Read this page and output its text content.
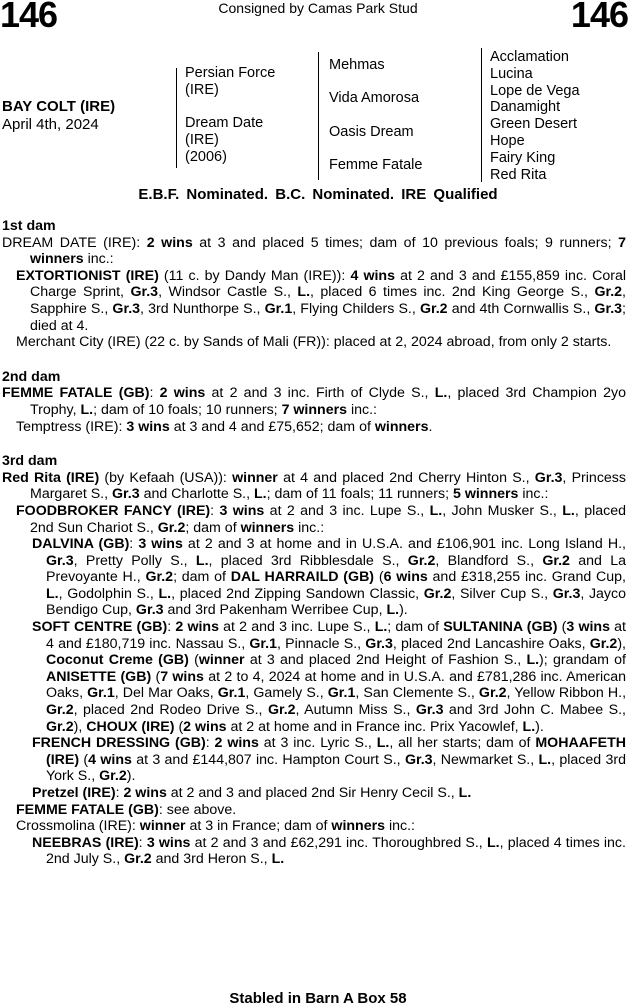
146	Consigned by Camas Park Stud	146
BAY COLT (IRE)
April 4th, 2024
Persian Force
(IRE)
Dream Date
(IRE)
(2006)
Mehmas
Vida Amorosa
Oasis Dream
Femme Fatale
Acclamation
Lucina
Lope de Vega
Danamight
Green Desert
Hope
Fairy King
Red Rita
E.B.F. Nominated. B.C. Nominated. IRE Qualified
1st dam
DREAM DATE (IRE): 2 wins at 3 and placed 5 times; dam of 10 previous foals; 9 runners; 7 winners inc.:
EXTORTIONIST (IRE) (11 c. by Dandy Man (IRE)): 4 wins at 2 and 3 and £155,859 inc. Coral Charge Sprint, Gr.3, Windsor Castle S., L., placed 6 times inc. 2nd King George S., Gr.2, Sapphire S., Gr.3, 3rd Nunthorpe S., Gr.1, Flying Childers S., Gr.2 and 4th Cornwallis S., Gr.3; died at 4.
Merchant City (IRE) (22 c. by Sands of Mali (FR)): placed at 2, 2024 abroad, from only 2 starts.
2nd dam
FEMME FATALE (GB): 2 wins at 2 and 3 inc. Firth of Clyde S., L., placed 3rd Champion 2yo Trophy, L.; dam of 10 foals; 10 runners; 7 winners inc.:
Temptress (IRE): 3 wins at 3 and 4 and £75,652; dam of winners.
3rd dam
Red Rita (IRE) (by Kefaah (USA)): winner at 4 and placed 2nd Cherry Hinton S., Gr.3, Princess Margaret S., Gr.3 and Charlotte S., L.; dam of 11 foals; 11 runners; 5 winners inc.:
FOODBROKER FANCY (IRE): 3 wins at 2 and 3 inc. Lupe S., L., John Musker S., L., placed 2nd Sun Chariot S., Gr.2; dam of winners inc.:
DALVINA (GB): 3 wins at 2 and 3 at home and in U.S.A. and £106,901 inc. Long Island H., Gr.3, Pretty Polly S., L., placed 3rd Ribblesdale S., Gr.2, Blandford S., Gr.2 and La Prevoyante H., Gr.2; dam of DAL HARRAILD (GB) (6 wins and £318,255 inc. Grand Cup, L., Godolphin S., L., placed 2nd Zipping Sandown Classic, Gr.2, Silver Cup S., Gr.3, Jayco Bendigo Cup, Gr.3 and 3rd Pakenham Werribee Cup, L.).
SOFT CENTRE (GB): 2 wins at 2 and 3 inc. Lupe S., L.; dam of SULTANINA (GB) (3 wins at 4 and £180,719 inc. Nassau S., Gr.1, Pinnacle S., Gr.3, placed 2nd Lancashire Oaks, Gr.2), Coconut Creme (GB) (winner at 3 and placed 2nd Height of Fashion S., L.); grandam of ANISETTE (GB) (7 wins at 2 to 4, 2024 at home and in U.S.A. and £781,286 inc. American Oaks, Gr.1, Del Mar Oaks, Gr.1, Gamely S., Gr.1, San Clemente S., Gr.2, Yellow Ribbon H., Gr.2, placed 2nd Rodeo Drive S., Gr.2, Autumn Miss S., Gr.3 and 3rd John C. Mabee S., Gr.2), CHOUX (IRE) (2 wins at 2 at home and in France inc. Prix Yacowlef, L.).
FRENCH DRESSING (GB): 2 wins at 3 inc. Lyric S., L., all her starts; dam of MOHAAFETH (IRE) (4 wins at 3 and £144,807 inc. Hampton Court S., Gr.3, Newmarket S., L., placed 3rd York S., Gr.2).
Pretzel (IRE): 2 wins at 2 and 3 and placed 2nd Sir Henry Cecil S., L.
FEMME FATALE (GB): see above.
Crossmolina (IRE): winner at 3 in France; dam of winners inc.:
NEEBRAS (IRE): 3 wins at 2 and 3 and £62,291 inc. Thoroughbred S., L., placed 4 times inc. 2nd July S., Gr.2 and 3rd Heron S., L.
Stabled in Barn A Box 58
